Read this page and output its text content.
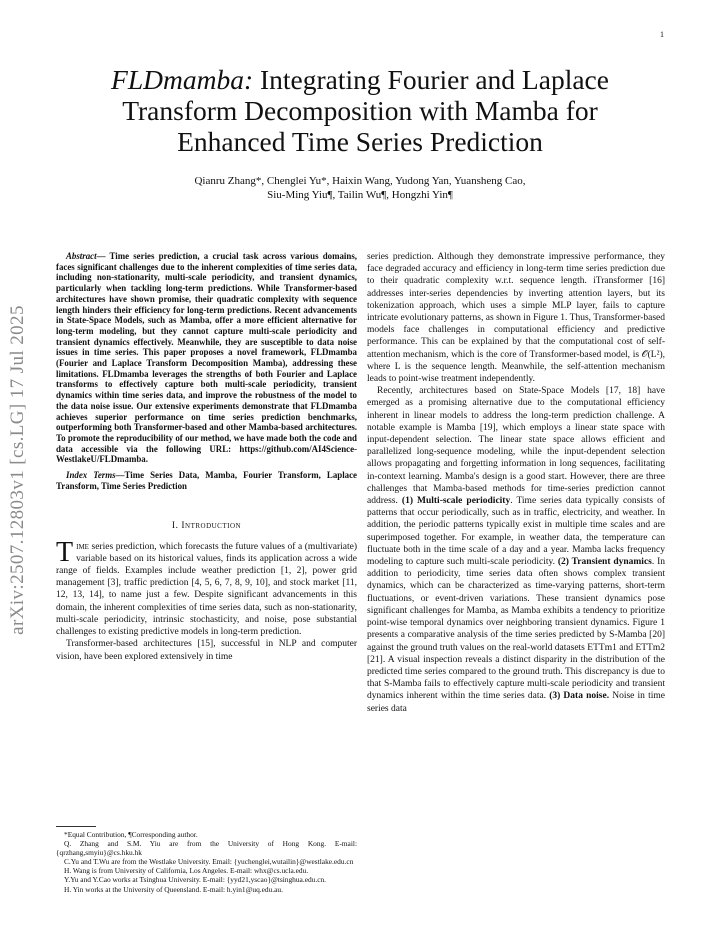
1
arXiv:2507.12803v1 [cs.LG] 17 Jul 2025
FLDmamba: Integrating Fourier and Laplace
Transform Decomposition with Mamba for
Enhanced Time Series Prediction
Qianru Zhang*, Chenglei Yu*, Haixin Wang, Yudong Yan, Yuansheng Cao,
Siu-Ming Yiu¶, Tailin Wu¶, Hongzhi Yin¶

Abstract— Time series prediction, a crucial task across various domains, faces significant challenges due to the inherent complexities of time series data, including non-stationarity, multi-scale periodicity, and transient dynamics, particularly when tackling long-term predictions. While Transformer-based architectures have shown promise, their quadratic complexity with sequence length hinders their efficiency for long-term predictions. Recent advancements in State-Space Models, such as Mamba, offer a more efficient alternative for long-term modeling, but they cannot capture multi-scale periodicity and transient dynamics effectively. Meanwhile, they are susceptible to data noise issues in time series. This paper proposes a novel framework, FLDmamba (Fourier and Laplace Transform Decomposition Mamba), addressing these limitations. FLDmamba leverages the strengths of both Fourier and Laplace transforms to effectively capture both multi-scale periodicity, transient dynamics within time series data, and improve the robustness of the model to the data noise issue. Our extensive experiments demonstrate that FLDmamba achieves superior performance on time series prediction benchmarks, outperforming both Transformer-based and other Mamba-based architectures. To promote the reproducibility of our method, we have made both the code and data accessible via the following URL: https://github.com/AI4Science-WestlakeU/FLDmamba.

Index Terms—Time Series Data, Mamba, Fourier Transform, Laplace Transform, Time Series Prediction

I. Introduction

Time series prediction, which forecasts the future values of a (multivariate) variable based on its historical values, finds its application across a wide range of fields. Examples include weather prediction [1, 2], power grid management [3], traffic prediction [4, 5, 6, 7, 8, 9, 10], and stock market [11, 12, 13, 14], to name just a few. Despite significant advancements in this domain, the inherent complexities of time series data, such as non-stationarity, multi-scale periodicity, intrinsic stochasticity, and noise, pose substantial challenges to existing predictive models in long-term prediction.

Transformer-based architectures [15], successful in NLP and computer vision, have been explored extensively in time

*Equal Contribution, ¶Corresponding author.

Q. Zhang and S.M. Yiu are from the University of Hong Kong. E-mail: {qrzhang,smyiu}@cs.hku.hk

C.Yu and T.Wu are from the Westlake University. Email: {yuchenglei,wutailin}@westlake.edu.cn

H. Wang is from University of California, Los Angeles. E-mail: whx@cs.ucla.edu.

Y.Yu and Y.Cao works at Tsinghua University. E-mail: {yyd21,yscao}@tsinghua.edu.cn.

H. Yin works at the University of Queensland. E-mail: h.yin1@uq.edu.au.

series prediction. Although they demonstrate impressive performance, they face degraded accuracy and efficiency in long-term time series prediction due to their quadratic complexity w.r.t. sequence length. iTransformer [16] addresses inter-series dependencies by inverting attention layers, but its tokenization approach, which uses a simple MLP layer, fails to capture intricate evolutionary patterns, as shown in Figure 1. Thus, Transformer-based models face challenges in computational efficiency and predictive performance. This can be explained by that the computational cost of self-attention mechanism, which is the core of Transformer-based model, is 𝒪(L²), where L is the sequence length. Meanwhile, the self-attention mechanism leads to point-wise treatment independently.

Recently, architectures based on State-Space Models [17, 18] have emerged as a promising alternative due to the computational efficiency inherent in linear models to address the long-term prediction challenge. A notable example is Mamba [19], which employs a linear state space with input-dependent selection. The linear state space allows efficient and parallelized long-sequence modeling, while the input-dependent selection allows propagating and forgetting information in long sequences, facilitating in-context learning. Mamba's design is a good start. However, there are three challenges that Mamba-based methods for time-series prediction cannot address. (1) Multi-scale periodicity. Time series data typically consists of patterns that occur periodically, such as in traffic, electricity, and weather. In addition, the periodic patterns typically exist in multiple time scales and are superimposed together. For example, in weather data, the temperature can fluctuate both in the time scale of a day and a year. Mamba lacks frequency modeling to capture such multi-scale periodicity. (2) Transient dynamics. In addition to periodicity, time series data often shows complex transient dynamics, which can be characterized as time-varying patterns, short-term fluctuations, or event-driven variations. These transient dynamics pose significant challenges for Mamba, as Mamba exhibits a tendency to prioritize point-wise temporal dynamics over neighboring transient dynamics. Figure 1 presents a comparative analysis of the time series predicted by S-Mamba [20] against the ground truth values on the real-world datasets ETTm1 and ETTm2 [21]. A visual inspection reveals a distinct disparity in the distribution of the predicted time series compared to the ground truth. This discrepancy is due to that S-Mamba fails to effectively capture multi-scale periodicity and transient dynamics inherent within the time series data. (3) Data noise. Noise in time series data
